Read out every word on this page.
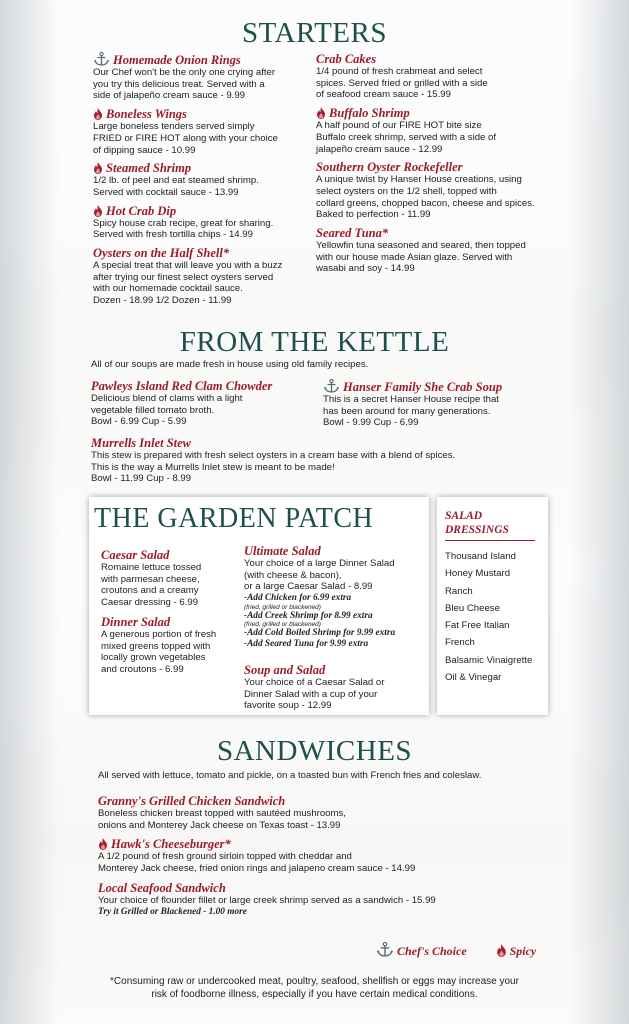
STARTERS
Homemade Onion Rings
Our Chef won't be the only one crying after
you try this delicious treat. Served with a
side of jalapeño cream sauce - 9.99
Boneless Wings
Large boneless tenders served simply
FRIED or FIRE HOT along with your choice
of dipping sauce - 10.99
Steamed Shrimp
1/2 lb. of peel and eat steamed shrimp.
Served with cocktail sauce - 13.99
Hot Crab Dip
Spicy house crab recipe, great for sharing.
Served with fresh tortilla chips - 14.99
Oysters on the Half Shell*
A special treat that will leave you with a buzz
after trying our finest select oysters served
with our homemade cocktail sauce.
Dozen - 18.99 1/2 Dozen - 11.99
Crab Cakes
1/4 pound of fresh crabmeat and select
spices. Served fried or grilled with a side
of seafood cream sauce - 15.99
Buffalo Shrimp
A half pound of our FIRE HOT bite size
Buffalo creek shrimp, served with a side of
jalapeño cream sauce - 12.99
Southern Oyster Rockefeller
A unique twist by Hanser House creations, using
select oysters on the 1/2 shell, topped with
collard greens, chopped bacon, cheese and spices.
Baked to perfection - 11.99
Seared Tuna*
Yellowfin tuna seasoned and seared, then topped
with our house made Asian glaze. Served with
wasabi and soy - 14.99
FROM THE KETTLE
All of our soups are made fresh in house using old family recipes.
Pawleys Island Red Clam Chowder
Delicious blend of clams with a light
vegetable filled tomato broth.
Bowl - 6.99 Cup - 5.99
Hanser Family She Crab Soup
This is a secret Hanser House recipe that
has been around for many generations.
Bowl - 9.99 Cup - 6.99
Murrells Inlet Stew
This stew is prepared with fresh select oysters in a cream base with a blend of spices.
This is the way a Murrells Inlet stew is meant to be made!
Bowl - 11.99 Cup - 8.99
THE GARDEN PATCH
Caesar Salad
Romaine lettuce tossed
with parmesan cheese,
croutons and a creamy
Caesar dressing - 6.99
Dinner Salad
A generous portion of fresh
mixed greens topped with
locally grown vegetables
and croutons - 6.99
Ultimate Salad
Your choice of a large Dinner Salad
(with cheese & bacon),
or a large Caesar Salad - 8.99
-Add Chicken for 6.99 extra
(fried, grilled or blackened)
-Add Creek Shrimp for 8.99 extra
(fried, grilled or blackened)
-Add Cold Boiled Shrimp for 9.99 extra
-Add Seared Tuna for 9.99 extra
Soup and Salad
Your choice of a Caesar Salad or
Dinner Salad with a cup of your
favorite soup - 12.99
SALAD
DRESSINGS
Thousand Island
Honey Mustard
Ranch
Bleu Cheese
Fat Free Italian
French
Balsamic Vinaigrette
Oil & Vinegar
SANDWICHES
All served with lettuce, tomato and pickle, on a toasted bun with French fries and coleslaw.
Granny's Grilled Chicken Sandwich
Boneless chicken breast topped with sautéed mushrooms,
onions and Monterey Jack cheese on Texas toast - 13.99
Hawk's Cheeseburger*
A 1/2 pound of fresh ground sirloin topped with cheddar and
Monterey Jack cheese, fried onion rings and jalapeno cream sauce - 14.99
Local Seafood Sandwich
Your choice of flounder fillet or large creek shrimp served as a sandwich - 15.99
Try it Grilled or Blackened - 1.00 more
Chef's Choice	Spicy
*Consuming raw or undercooked meat, poultry, seafood, shellfish or eggs may increase your
risk of foodborne illness, especially if you have certain medical conditions.
